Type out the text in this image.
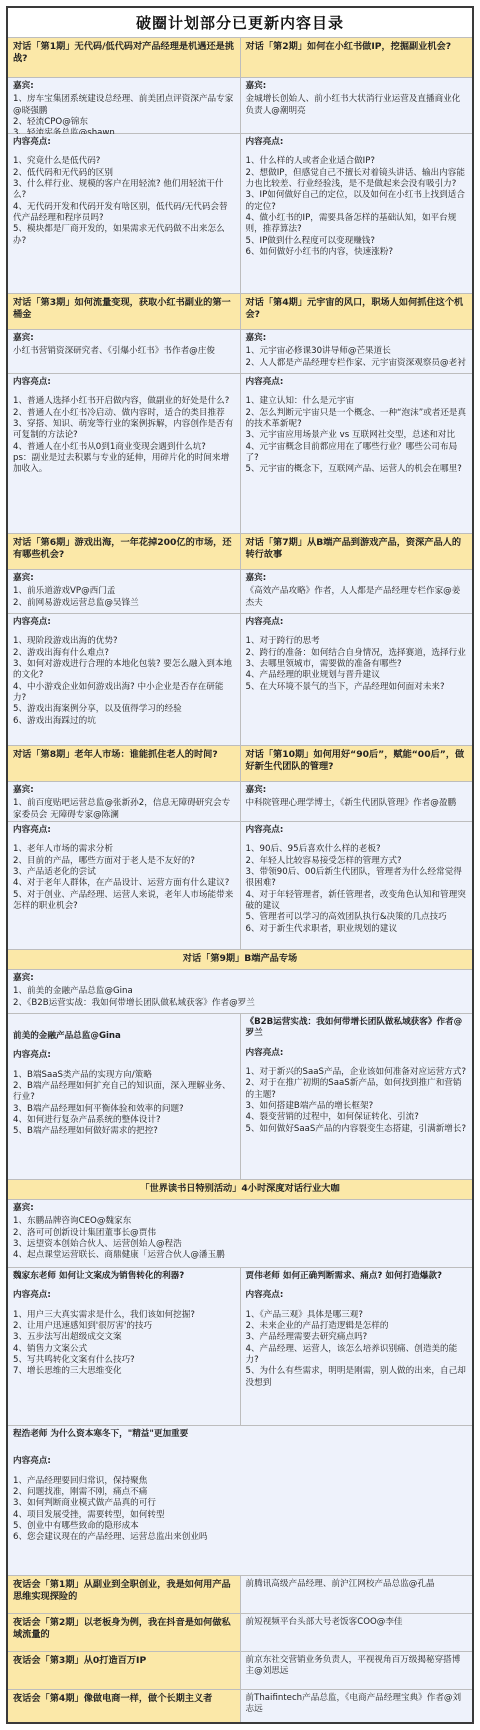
破圈计划部分已更新内容目录
对话「第1期」无代码/低代码对产品经理是机遇还是挑战?
对话「第2期」如何在小红书做IP，挖掘副业机会?
嘉宾:
1、房车宝集团系统建设总经理、前美团点评资深产品专家@晓强鹏
2、轻流CPO@锦东
嘉宾:
金城增长创始人、前小红书大状消行业运营及直播商业化负责人@潮明亮
内容亮点:
1、究竟什么是低代码?
2、低代码和无代码的区别
3、什么样行业、规模的客户在用轻流? 他们用轻流干什么?
4、无代码开发和代码开发有啥区别，低代码/无代码会替代产品经理和程序员吗?
5、模块都是厂商开发的，如果需求无代码做不出来怎么办?
内容亮点:
1、什么样的人或者企业适合做IP?
2、想做IP，但感觉自己不擅长对着镜头讲话、输出内容能力也比较差、行业经验浅，是不是做起来会没有吸引力?
3、IP如何做好自己的定位，以及如何在小红书上找到适合的定位?
4、做小红书的IP，需要具备怎样的基础认知，如平台规则，推荐算法?
5、IP做到什么程度可以变现赚钱?
6、如何做好小红书的内容，快速涨粉?
对话「第3期」如何流量变现，获取小红书副业的第一桶金
对话「第4期」元宇宙的风口，职场人如何抓住这个机会?
嘉宾:
小红书营销资深研究者、《引爆小红书》书作者@庄俊
嘉宾:
1、元宇宙必修课30讲导师@芒果道长
2、人人都是产品经理专栏作家、元宇宙资深观察员@老衬
内容亮点:
1、普通人选择小红书开启做内容，做副业的好处是什么?
2、普通人在小红书冷启动、做内容时，适合的类目推荐
3、穿搭、知识、萌宠等行业的案例拆解，内容创作是否有可复制的方法论?
4、普通人在小红书从0到1商业变现会遇到什么坑?
ps：副业是过去积累与专业的延伸，用碎片化的时间来增加收入。
内容亮点:
1、建立认知：什么是元宇宙
2、怎么判断元宇宙只是一个概念、一种“泡沫”或者还是真的技术革新呢?
3、元宇宙应用场景产业 vs 互联网社交型，总述和对比
4、元宇宙概念目前都应用在了哪些行业？哪些公司布局了?
5、元宇宙的概念下，互联网产品、运营人的机会在哪里?
对话「第6期」游戏出海，一年花掉200亿的市场，还有哪些机会?
对话「第7期」从B端产品到游戏产品，资深产品人的转行故事
嘉宾:
1、前乐道游戏VP@西门孟
2、前网易游戏运营总监@吴锋兰
嘉宾:
《高效产品攻略》作者，人人都是产品经理专栏作家@姜杰夫
内容亮点:
1、现阶段游戏出海的优势?
2、游戏出海有什么难点?
3、如何对游戏进行合理的本地化包装? 要怎么融入到本地的文化?
4、中小游戏企业如何游戏出海? 中小企业是否存在研能力?
5、游戏出海案例分享，以及值得学习的经验
6、游戏出海踩过的坑
内容亮点:
1、对于跨行的思考
2、跨行的准备：如何结合自身情况，选择赛道，选择行业
3、去哪里领城市，需要做的准备有哪些?
4、产品经理的职业规划与晋升建议
5、在大环境不景气的当下，产品经理如何面对未来?
对话「第8期」老年人市场：谁能抓住老人的时间?	对话「第10期」如何用好“90后”，赋能“00后”，做好新生代团队的管理?
嘉宾:
1、前百度贴吧运营总监@张新孙2，信息无障碍研究会专家委员会 无障碍专家@陈澜
嘉宾:
中科院管理心理学博士，《新生代团队管理》作者@盈鹏
内容亮点:
1、老年人市场的需求分析
2、目前的产品，哪些方面对于老人是不友好的?
3、产品适老化的尝试
4、对于老年人群体，在产品设计、运营方面有什么建议?
5、对于创业、产品经理、运营人来说，老年人市场能带来怎样的职业机会?
内容亮点:
1、90后、95后喜欢什么样的老板?
2、年轻人比较容易接受怎样的管理方式?
3、带领90后、00后新生代团队，管理者为什么经常觉得很困难?
4、对于年轻管理者，新任管理者，改变角色认知和管理突破的建议
5、管理者可以学习的高效团队执行&决策的几点技巧
6、对于新生代求职者，职业规划的建议
对话「第9期」B端产品专场
嘉宾:
1、前美的金融产品总监@Gina
2、《B2B运营实战：我如何带增长团队做私域获客》作者@罗兰
前美的金融产品总监@Gina
内容亮点:
1、B端SaaS类产品的实现方向/策略
2、B端产品经理如何扩充自己的知识面，深入理解业务、行业?
3、B端产品经理如何平衡体验和效率的问题?
4、如何进行复杂产品系统的整体设计?
5、B端产品经理如何做好需求的把控?
《B2B运营实战：我如何带增长团队做私域获客》作者@罗兰
内容亮点:
1、对于新兴的SaaS产品，企业该如何准备对应运营方式?
2、对于在推广初期的SaaS新产品，如何找到推广和营销的主题?
3、如何搭建B端产品的增长框架?
4、裂变营销的过程中，如何保证转化、引流?
5、如何做好SaaS产品的内容裂变生态搭建，引满新增长?
「世界读书日特别活动」4小时深度对话行业大咖
嘉宾:
1、东鹏品牌咨询CEO@魏家东
2、洛可可创新设计集团董事长@贾伟
3、远望资本创始合伙人、运营创始人@程浩
4、起点课堂运营联长、商鼎健康「运营合伙人@潘玉鹏
魏家东老师 如何让文案成为销售转化的利器?
内容亮点:
1、用户三大真实需求是什么，我们该如何挖掘?
2、让用户迅速感知到'很厉害'的技巧
3、五步法写出超级成交文案
4、销售力文案公式
5、写共鸣转化文案有什么技巧?
7、增长思维的三大思维变化
贾伟老师 如何正确判断需求、痛点? 如何打造爆款?
内容亮点:
1、《产品三观》具体是哪三观?
2、未来企业的产品打造逻辑是怎样的
3、产品经理需要去研究痛点吗?
4、产品经理、运营人，该怎么培养识别痛、创造美的能力?
5、为什么有些需求，明明是刚需，别人做的出来，自己却没想到
程浩老师 为什么资本寒冬下，"精益"更加重要
内容亮点:
1、产品经理要回归常识，保持聚焦
2、问题找准，刚需不刚，痛点不痛
3、如何判断商业模式做产品真的可行
4、项目发展受挫，需要转型，如何转型
5、创业中有哪些致命的隐形成本
6、您会建议现在的产品经理、运营总监出来创业吗
夜话会「第1期」从副业到全职创业，我是如何用产品思维实现探险的
前腾讯高级产品经理、前沪江网校产品总监@孔晶
夜话会「第2期」以老板身为例，我在抖音是如何做私域流量的
前短视频平台头部大号老饭客COO@李佳
夜话会「第3期」从0打造百万IP	前京东社交营销业务负责人，平视视角百万级揭秘穿搭博主@刘思远
夜话会「第4期」像做电商一样，做个长期主义者	前Thaifintech产品总监，《电商产品经理宝典》作者@刘志远
